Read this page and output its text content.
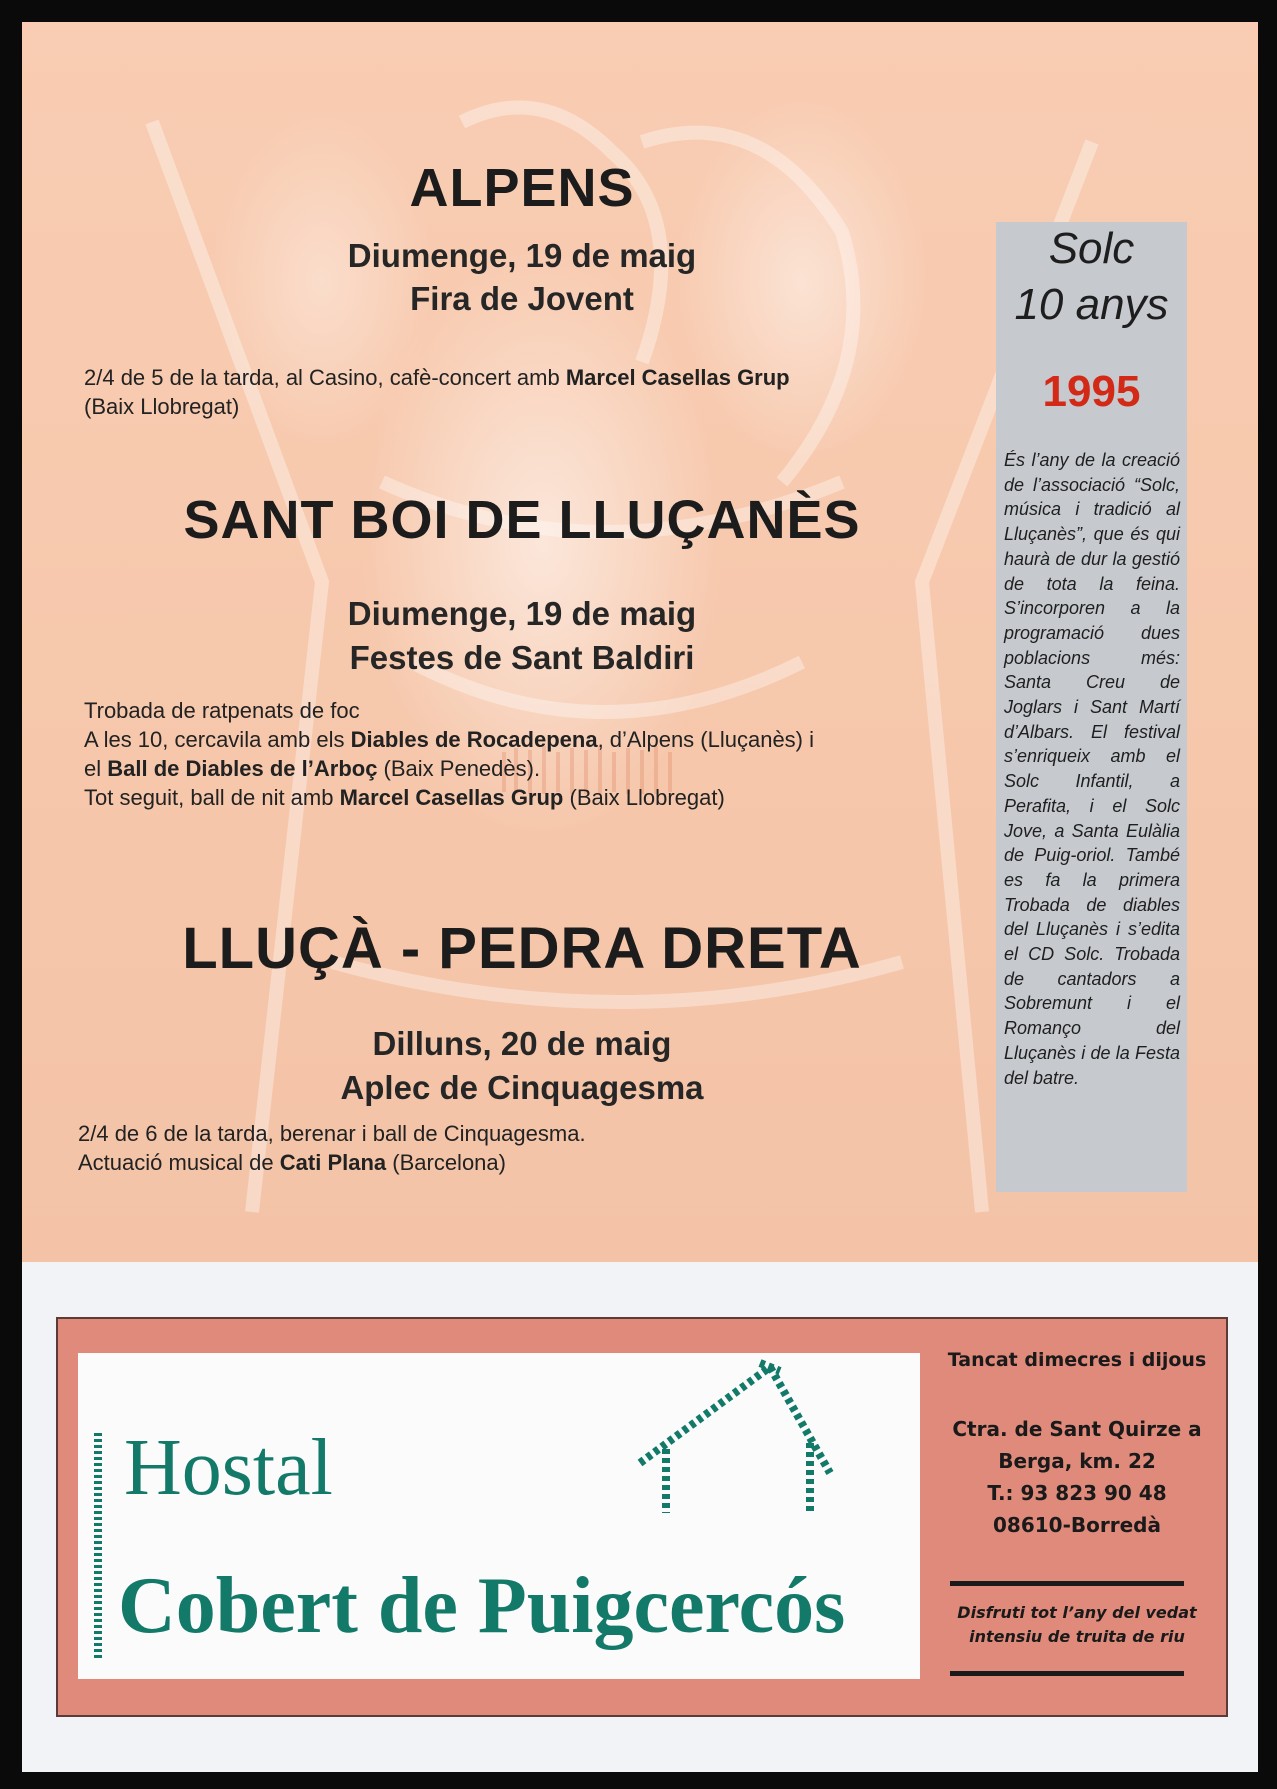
ALPENS
Diumenge, 19 de maig
Fira de Jovent
2/4 de 5 de la tarda, al Casino, cafè-concert amb Marcel Casellas Grup
(Baix Llobregat)
SANT BOI DE LLUÇANÈS
Diumenge, 19 de maig
Festes de Sant Baldiri
Trobada de ratpenats de foc
A les 10, cercavila amb els Diables de Rocadepena, d’Alpens (Lluçanès) i
el Ball de Diables de l’Arboç (Baix Penedès).
Tot seguit, ball de nit amb Marcel Casellas Grup (Baix Llobregat)
LLUÇÀ - PEDRA DRETA
Dilluns, 20 de maig
Aplec de Cinquagesma
2/4 de 6 de la tarda, berenar i ball de Cinquagesma.
Actuació musical de Cati Plana (Barcelona)
Solc
10 anys
1995
És l’any de la creació de l’associació “Solc, música i tradició al Lluçanès”, que és qui haurà de dur la gestió de tota la feina. S’incorporen a la programació dues poblacions més: Santa Creu de Joglars i Sant Martí d’Albars. El festival s’enriqueix amb el Solc Infantil, a Perafita, i el Solc Jove, a Santa Eulàlia de Puig-oriol. També es fa la primera Trobada de diables del Lluçanès i s’edita el CD Solc. Trobada de cantadors a Sobremunt i el Romanço del Lluçanès i de la Festa del batre.
Hostal
Cobert de Puigcercós
Tancat dimecres i dijous
Ctra. de Sant Quirze a
Berga, km. 22
T.: 93 823 90 48
08610-Borredà
Disfruti tot l’any del vedat
intensiu de truita de riu
